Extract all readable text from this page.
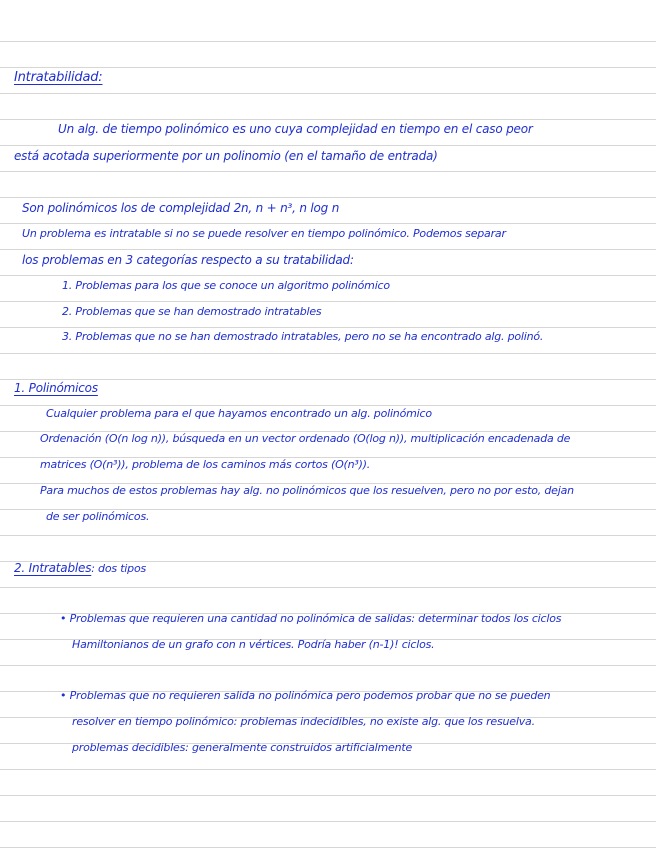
Intratabilidad:
Un alg. de tiempo polinómico es uno cuya complejidad en tiempo en el caso peor
está acotada superiormente por un polinomio (en el tamaño de entrada)
Son polinómicos los de complejidad 2n, n + n³, n log n
Un problema es intratable si no se puede resolver en tiempo polinómico. Podemos separar
los problemas en 3 categorías respecto a su tratabilidad:
1. Problemas para los que se conoce un algoritmo polinómico
2. Problemas que se han demostrado intratables
3. Problemas que no se han demostrado intratables, pero no se ha encontrado alg. polinó.
1. Polinómicos
Cualquier problema para el que hayamos encontrado un alg. polinómico
Ordenación (O(n log n)), búsqueda en un vector ordenado (O(log n)), multiplicación encadenada de
matrices (O(n³)), problema de los caminos más cortos (O(n³)).
Para muchos de estos problemas hay alg. no polinómicos que los resuelven, pero no por esto, dejan
de ser polinómicos.
2. Intratables: dos tipos
• Problemas que requieren una cantidad no polinómica de salidas: determinar todos los ciclos
Hamiltonianos de un grafo con n vértices. Podría haber (n-1)! ciclos.
• Problemas que no requieren salida no polinómica pero podemos probar que no se pueden
resolver en tiempo polinómico: problemas indecidibles, no existe alg. que los resuelva.
problemas decidibles: generalmente construidos artificialmente
